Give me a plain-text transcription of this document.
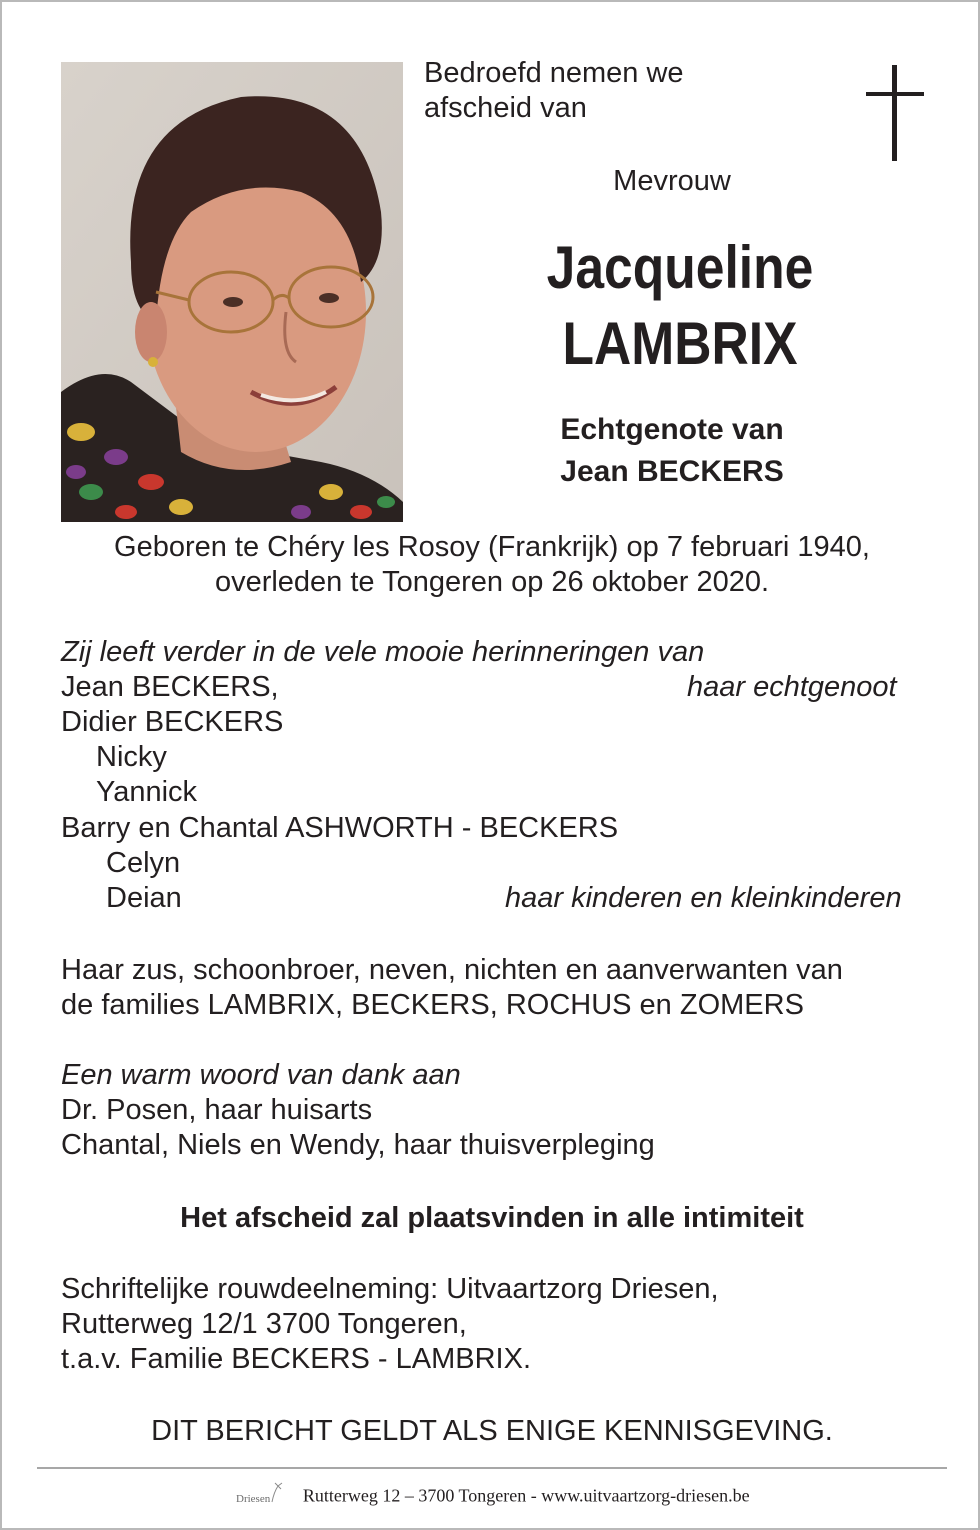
Bedroefd nemen we
afscheid van
Mevrouw
Jacqueline
LAMBRIX
Echtgenote van
Jean BECKERS
Geboren te Chéry les Rosoy (Frankrijk) op 7 februari 1940,
overleden te Tongeren op 26 oktober 2020.
Zij leeft verder in de vele mooie herinneringen van
Jean BECKERS,	haar echtgenoot
Didier BECKERS
Nicky
Yannick
Barry en Chantal ASHWORTH - BECKERS
Celyn
Deian	haar kinderen en kleinkinderen
Haar zus, schoonbroer, neven, nichten en aanverwanten van
de families LAMBRIX, BECKERS, ROCHUS en ZOMERS
Een warm woord van dank aan
Dr. Posen, haar huisarts
Chantal, Niels en Wendy, haar thuisverpleging
Het afscheid zal plaatsvinden in alle intimiteit
Schriftelijke rouwdeelneming: Uitvaartzorg Driesen,
Rutterweg 12/1 3700 Tongeren,
t.a.v. Familie BECKERS - LAMBRIX.
DIT BERICHT GELDT ALS ENIGE KENNISGEVING.
Driesen Rutterweg 12 – 3700 Tongeren - www.uitvaartzorg-driesen.be
